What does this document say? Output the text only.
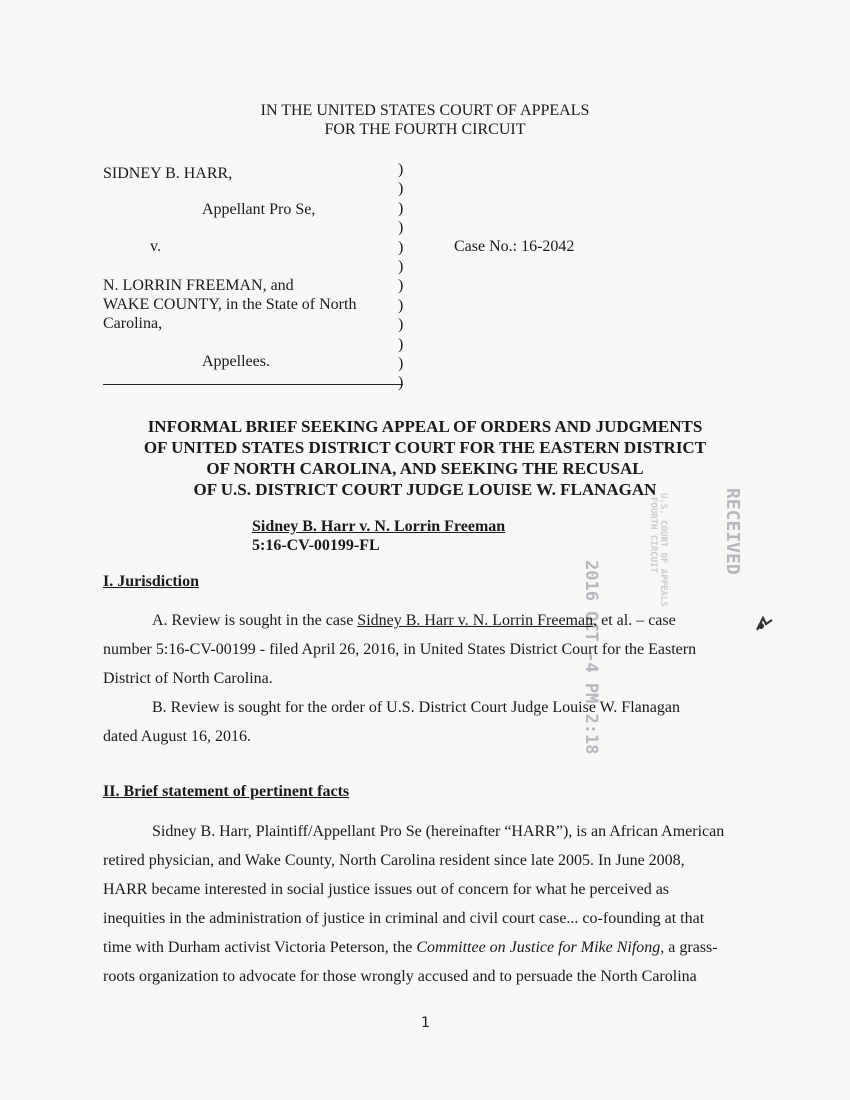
IN THE UNITED STATES COURT OF APPEALS
FOR THE FOURTH CIRCUIT
SIDNEY B. HARR,
Appellant Pro Se,
v.	Case No.: 16-2042
N. LORRIN FREEMAN, and
WAKE COUNTY, in the State of North
Carolina,
Appellees.
)
)
)
)
)
)
)
)
)
)
)
)
INFORMAL BRIEF SEEKING APPEAL OF ORDERS AND JUDGMENTS
OF UNITED STATES DISTRICT COURT FOR THE EASTERN DISTRICT
OF NORTH CAROLINA, AND SEEKING THE RECUSAL
OF U.S. DISTRICT COURT JUDGE LOUISE W. FLANAGAN
Sidney B. Harr v. N. Lorrin Freeman
5:16-CV-00199-FL
2016 OCT -4 PM 2:18
RECEIVED
U.S. COURT OF APPEALS
FOURTH CIRCUIT
I. Jurisdiction
A. Review is sought in the case Sidney B. Harr v. N. Lorrin Freeman, et al. – case
number 5:16-CV-00199 - filed April 26, 2016, in United States District Court for the Eastern
District of North Carolina.
B. Review is sought for the order of U.S. District Court Judge Louise W. Flanagan
dated August 16, 2016.
II. Brief statement of pertinent facts
Sidney B. Harr, Plaintiff/Appellant Pro Se (hereinafter “HARR”), is an African American
retired physician, and Wake County, North Carolina resident since late 2005. In June 2008,
HARR became interested in social justice issues out of concern for what he perceived as
inequities in the administration of justice in criminal and civil court case... co-founding at that
time with Durham activist Victoria Peterson, the Committee on Justice for Mike Nifong, a grass-
roots organization to advocate for those wrongly accused and to persuade the North Carolina
1
